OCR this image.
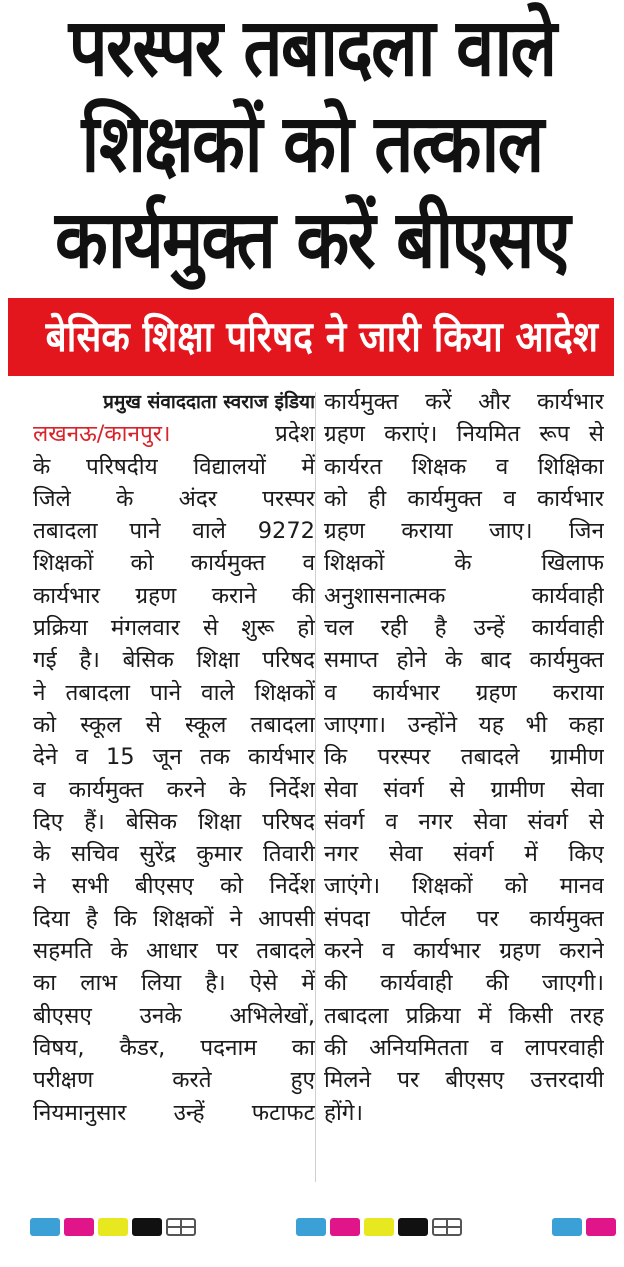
परस्पर तबादला वाले
शिक्षकों को तत्काल
कार्यमुक्त करें बीएसए
बेसिक शिक्षा परिषद ने जारी किया आदेश
प्रमुख संवाददाता स्वराज इंडिया
लखनऊ/कानपुर।	प्रदेश
के परिषदीय विद्यालयों में
जिले के अंदर परस्पर
तबादला पाने वाले 9272
शिक्षकों को कार्यमुक्त व
कार्यभार ग्रहण कराने की
प्रक्रिया मंगलवार से शुरू हो
गई है। बेसिक शिक्षा परिषद
ने तबादला पाने वाले शिक्षकों
को स्कूल से स्कूल तबादला
देने व 15 जून तक कार्यभार
व कार्यमुक्त करने के निर्देश
दिए हैं। बेसिक शिक्षा परिषद
के सचिव सुरेंद्र कुमार तिवारी
ने सभी बीएसए को निर्देश
दिया है कि शिक्षकों ने आपसी
सहमति के आधार पर तबादले
का लाभ लिया है। ऐसे में
बीएसए उनके अभिलेखों,
विषय, कैडर, पदनाम का
परीक्षण करते हुए
नियमानुसार उन्हें फटाफट
कार्यमुक्त करें और कार्यभार
ग्रहण कराएं। नियमित रूप से
कार्यरत शिक्षक व शिक्षिका
को ही कार्यमुक्त व कार्यभार
ग्रहण कराया जाए। जिन
शिक्षकों के खिलाफ
अनुशासनात्मक कार्यवाही
चल रही है उन्हें कार्यवाही
समाप्त होने के बाद कार्यमुक्त
व कार्यभार ग्रहण कराया
जाएगा। उन्होंने यह भी कहा
कि परस्पर तबादले ग्रामीण
सेवा संवर्ग से ग्रामीण सेवा
संवर्ग व नगर सेवा संवर्ग से
नगर सेवा संवर्ग में किए
जाएंगे। शिक्षकों को मानव
संपदा पोर्टल पर कार्यमुक्त
करने व कार्यभार ग्रहण कराने
की कार्यवाही की जाएगी।
तबादला प्रक्रिया में किसी तरह
की अनियमितता व लापरवाही
मिलने पर बीएसए उत्तरदायी
होंगे।
